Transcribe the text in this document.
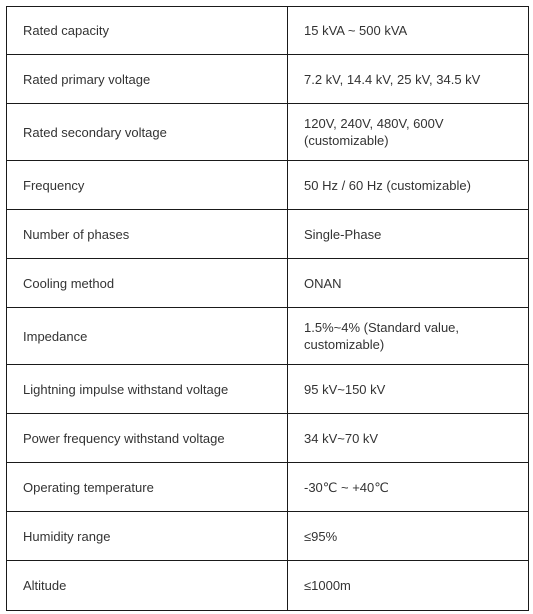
Rated capacity	15 kVA ~ 500 kVA
Rated primary voltage	7.2 kV, 14.4 kV, 25 kV, 34.5 kV
Rated secondary voltage	120V, 240V, 480V, 600V (customizable)
Frequency	50 Hz / 60 Hz (customizable)
Number of phases	Single-Phase
Cooling method	ONAN
Impedance	1.5%~4% (Standard value, customizable)
Lightning impulse withstand voltage	95 kV~150 kV
Power frequency withstand voltage	34 kV~70 kV
Operating temperature	-30℃ ~ +40℃
Humidity range	≤95%
Altitude	≤1000m
